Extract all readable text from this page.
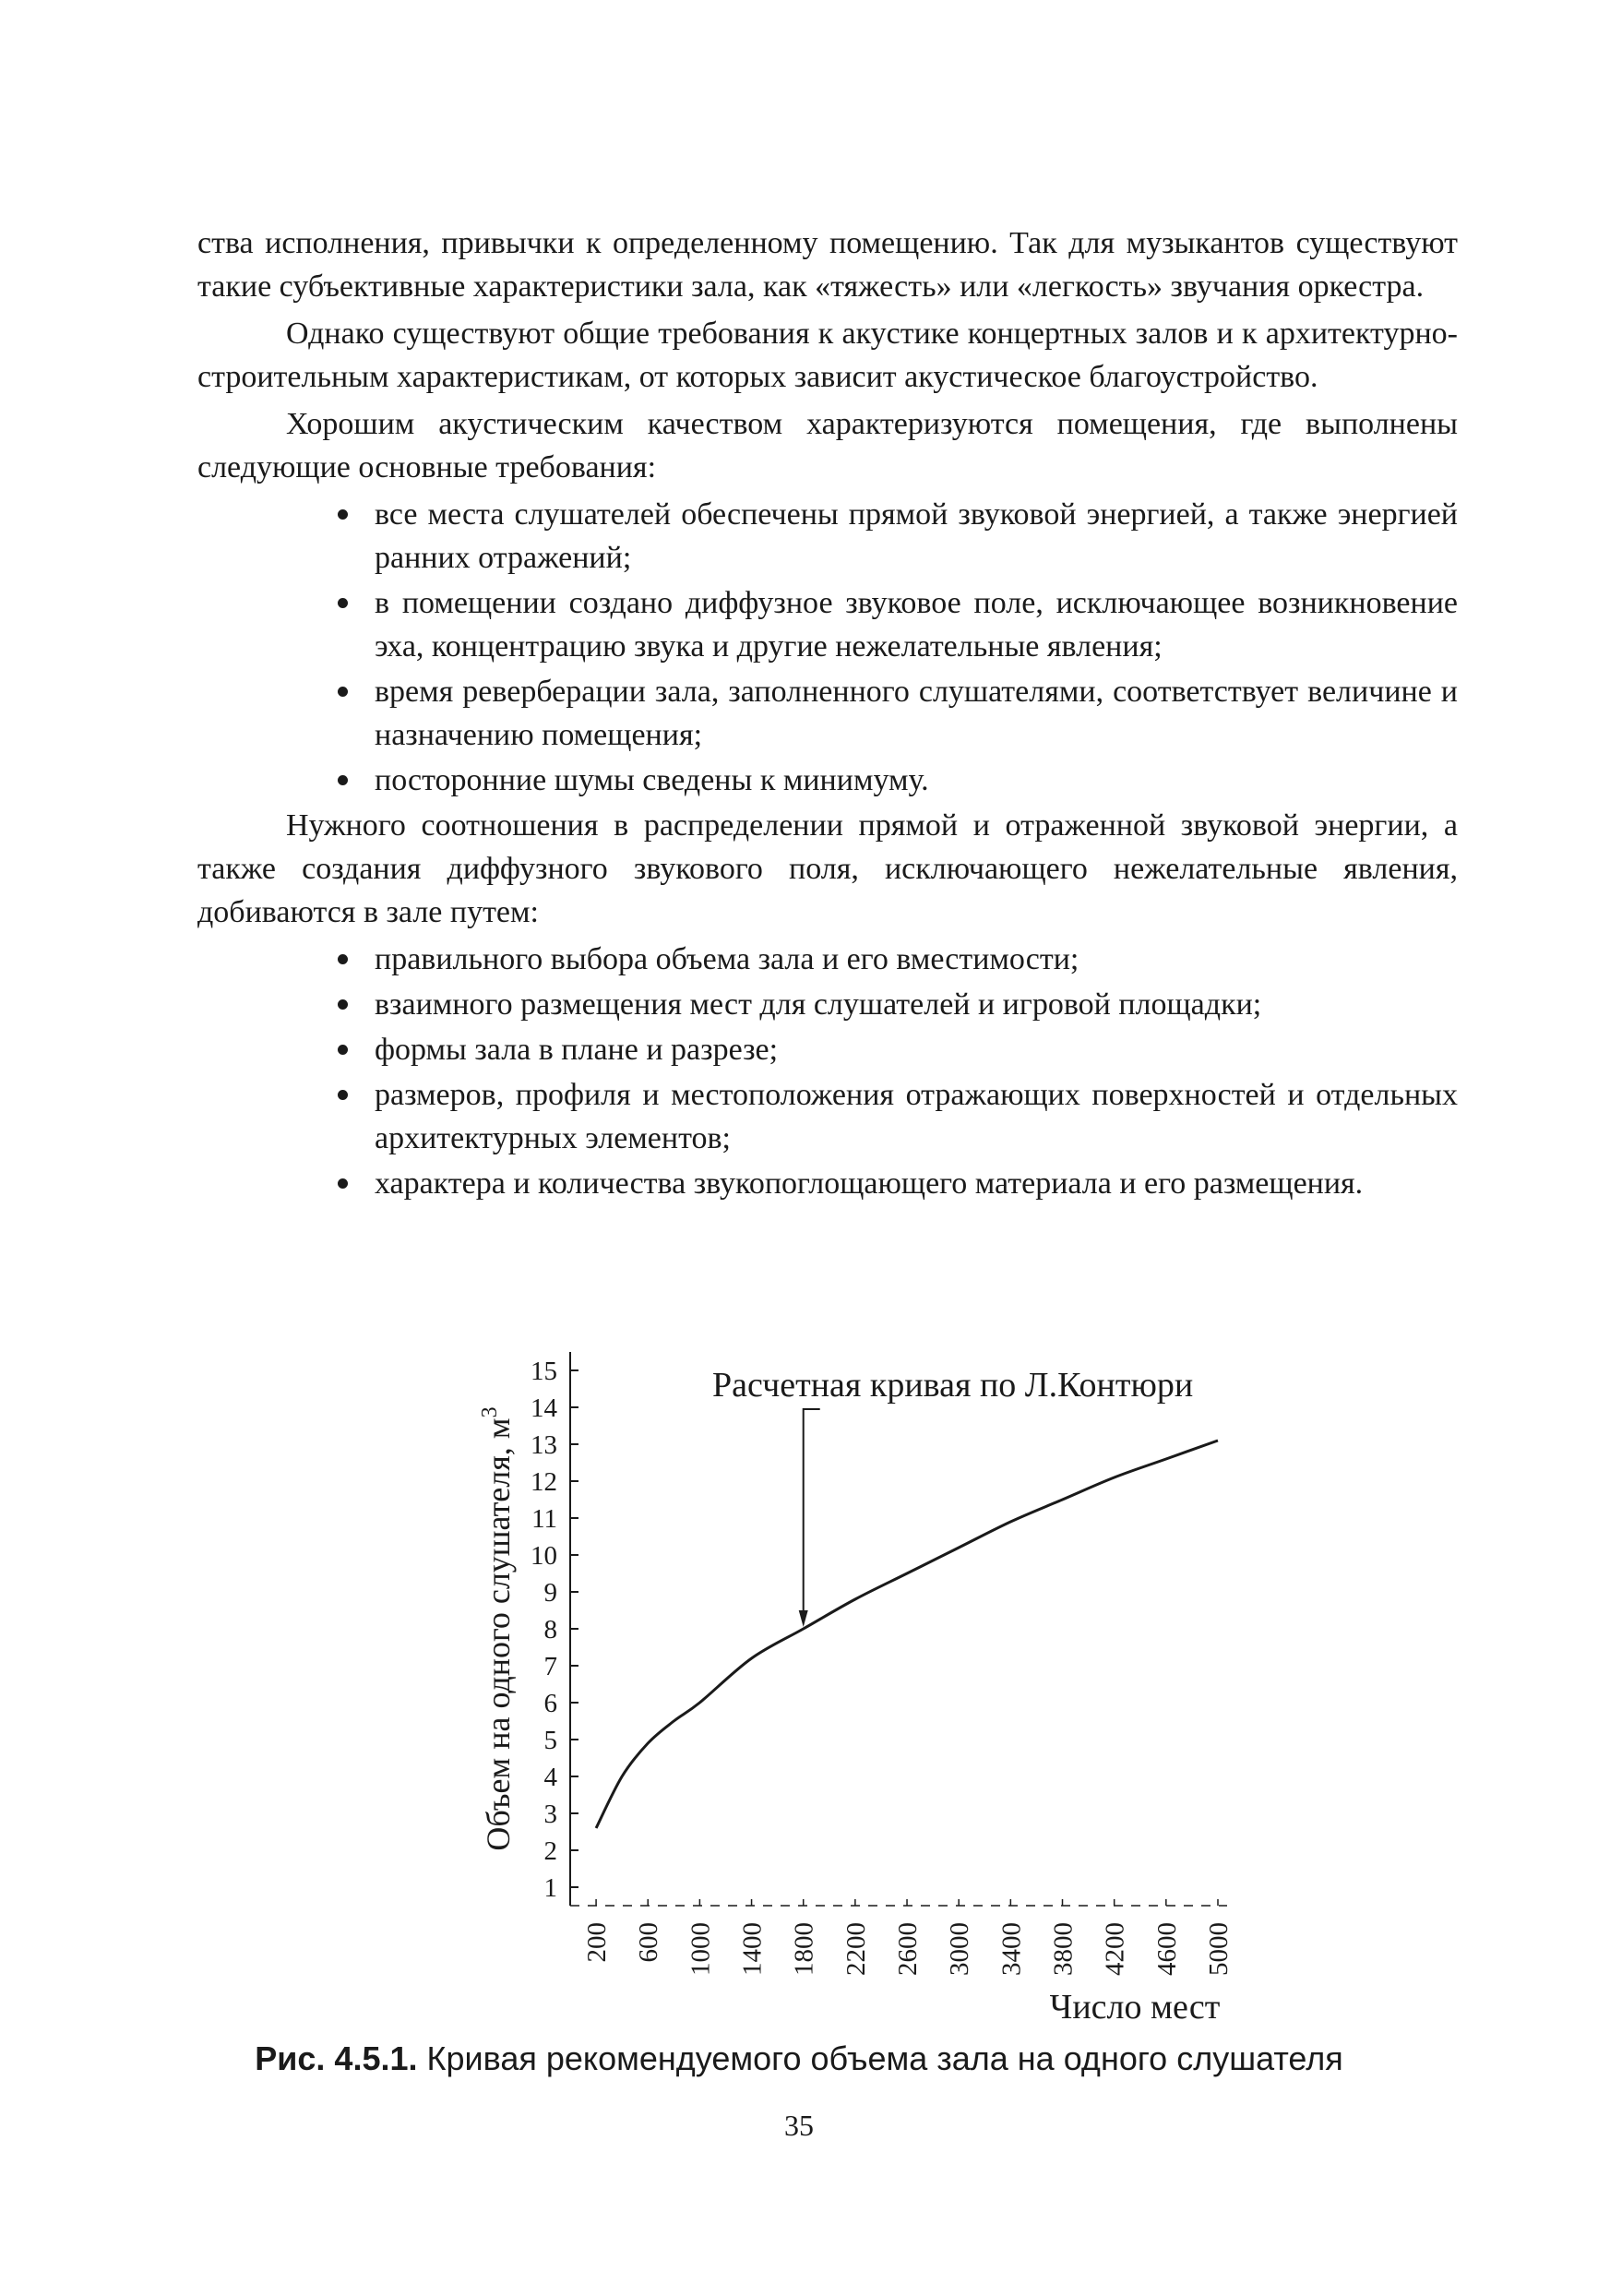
ства исполнения, привычки к определенному помещению. Так для музыкантов существуют такие субъективные характеристики зала, как «тяжесть» или «легкость» звучания оркестра.

Однако существуют общие требования к акустике концертных залов и к архитектурно-строительным характеристикам, от которых зависит акустическое благоустройство.

Хорошим акустическим качеством характеризуются помещения, где выполнены следующие основные требования:

все места слушателей обеспечены прямой звуковой энергией, а также энергией ранних отражений;
в помещении создано диффузное звуковое поле, исключающее возникновение эха, концентрацию звука и другие нежелательные явления;
время реверберации зала, заполненного слушателями, соответствует величине и назначению помещения;
посторонние шумы сведены к минимуму.

Нужного соотношения в распределении прямой и отраженной звуковой энергии, а также создания диффузного звукового поля, исключающего нежелательные явления, добиваются в зале путем:

правильного выбора объема зала и его вместимости;
взаимного размещения мест для слушателей и игровой площадки;
формы зала в плане и разрезе;
размеров, профиля и местоположения отражающих поверхностей и отдельных архитектурных элементов;
характера и количества звукопоглощающего материала и его размещения.
1
2
3
4
5
6
7
8
9
10
11
12
13
14
15
200 600 1000 1400 1800 2200 2600 3000 3400 3800 4200 4600 5000
Расчетная кривая по Л.Контюри
Объем на одного слушателя, $м^3$
Число мест
Рис. 4.5.1. Кривая рекомендуемого объема зала на одного слушателя
35
